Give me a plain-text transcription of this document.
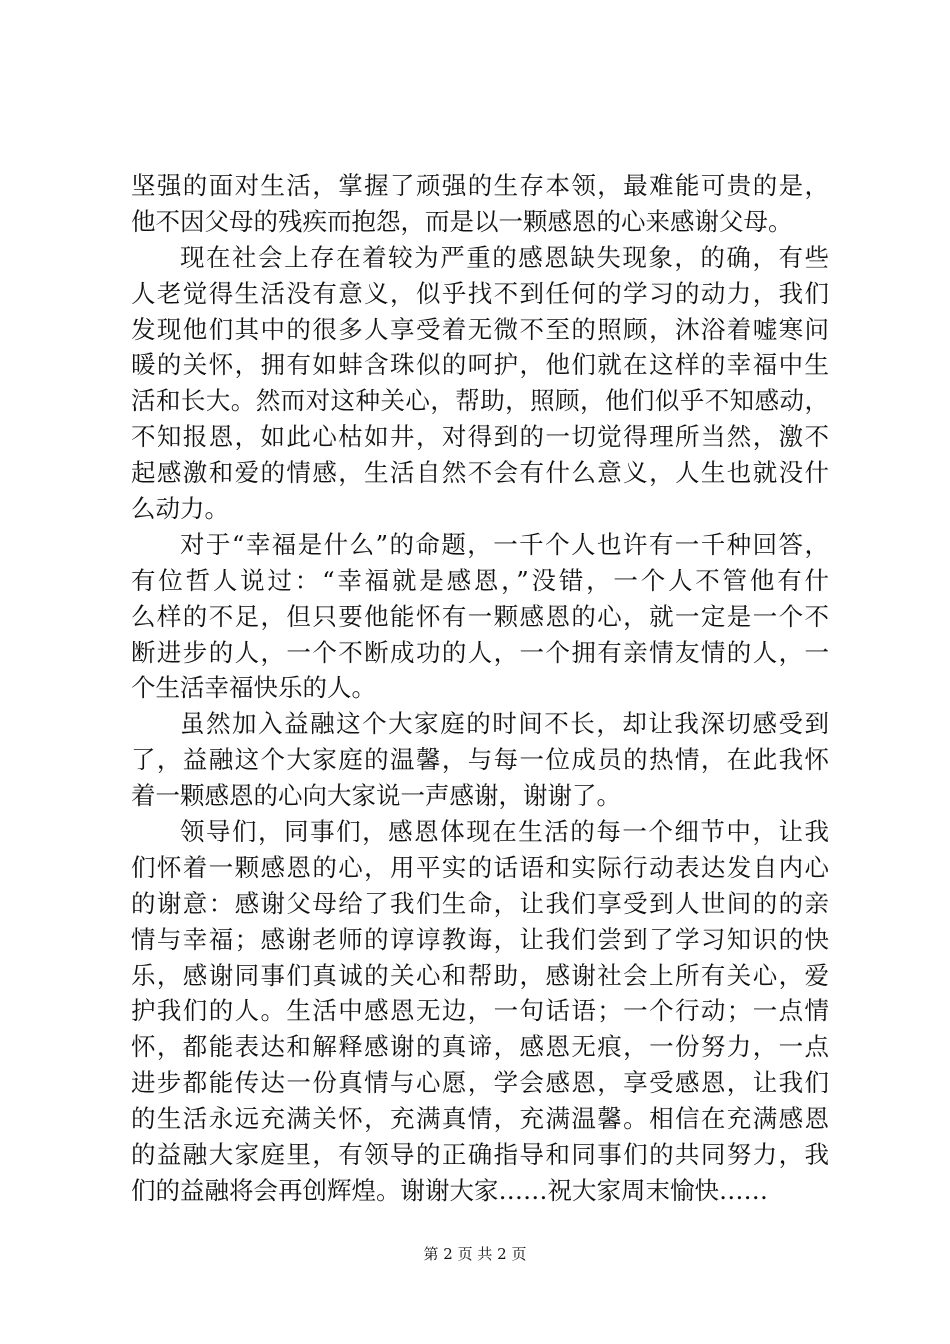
坚强的面对生活，掌握了顽强的生存本领，最难能可贵的是，
他不因父母的残疾而抱怨，而是以一颗感恩的心来感谢父母。
现在社会上存在着较为严重的感恩缺失现象，的确，有些
人老觉得生活没有意义，似乎找不到任何的学习的动力，我们
发现他们其中的很多人享受着无微不至的照顾，沐浴着嘘寒问
暖的关怀，拥有如蚌含珠似的呵护，他们就在这样的幸福中生
活和长大。然而对这种关心，帮助，照顾，他们似乎不知感动，
不知报恩，如此心枯如井，对得到的一切觉得理所当然，激不
起感激和爱的情感，生活自然不会有什么意义，人生也就没什
么动力。
对于“幸福是什么”的命题，一千个人也许有一千种回答，
有位哲人说过：“幸福就是感恩，”没错，一个人不管他有什
么样的不足，但只要他能怀有一颗感恩的心，就一定是一个不
断进步的人，一个不断成功的人，一个拥有亲情友情的人，一
个生活幸福快乐的人。
虽然加入益融这个大家庭的时间不长，却让我深切感受到
了，益融这个大家庭的温馨，与每一位成员的热情，在此我怀
着一颗感恩的心向大家说一声感谢，谢谢了。
领导们，同事们，感恩体现在生活的每一个细节中，让我
们怀着一颗感恩的心，用平实的话语和实际行动表达发自内心
的谢意：感谢父母给了我们生命，让我们享受到人世间的的亲
情与幸福；感谢老师的谆谆教诲，让我们尝到了学习知识的快
乐，感谢同事们真诚的关心和帮助，感谢社会上所有关心，爱
护我们的人。生活中感恩无边，一句话语；一个行动；一点情
怀，都能表达和解释感谢的真谛，感恩无痕，一份努力，一点
进步都能传达一份真情与心愿，学会感恩，享受感恩，让我们
的生活永远充满关怀，充满真情，充满温馨。相信在充满感恩
的益融大家庭里，有领导的正确指导和同事们的共同努力，我
们的益融将会再创辉煌。谢谢大家……祝大家周末愉快……
第 2 页 共 2 页
